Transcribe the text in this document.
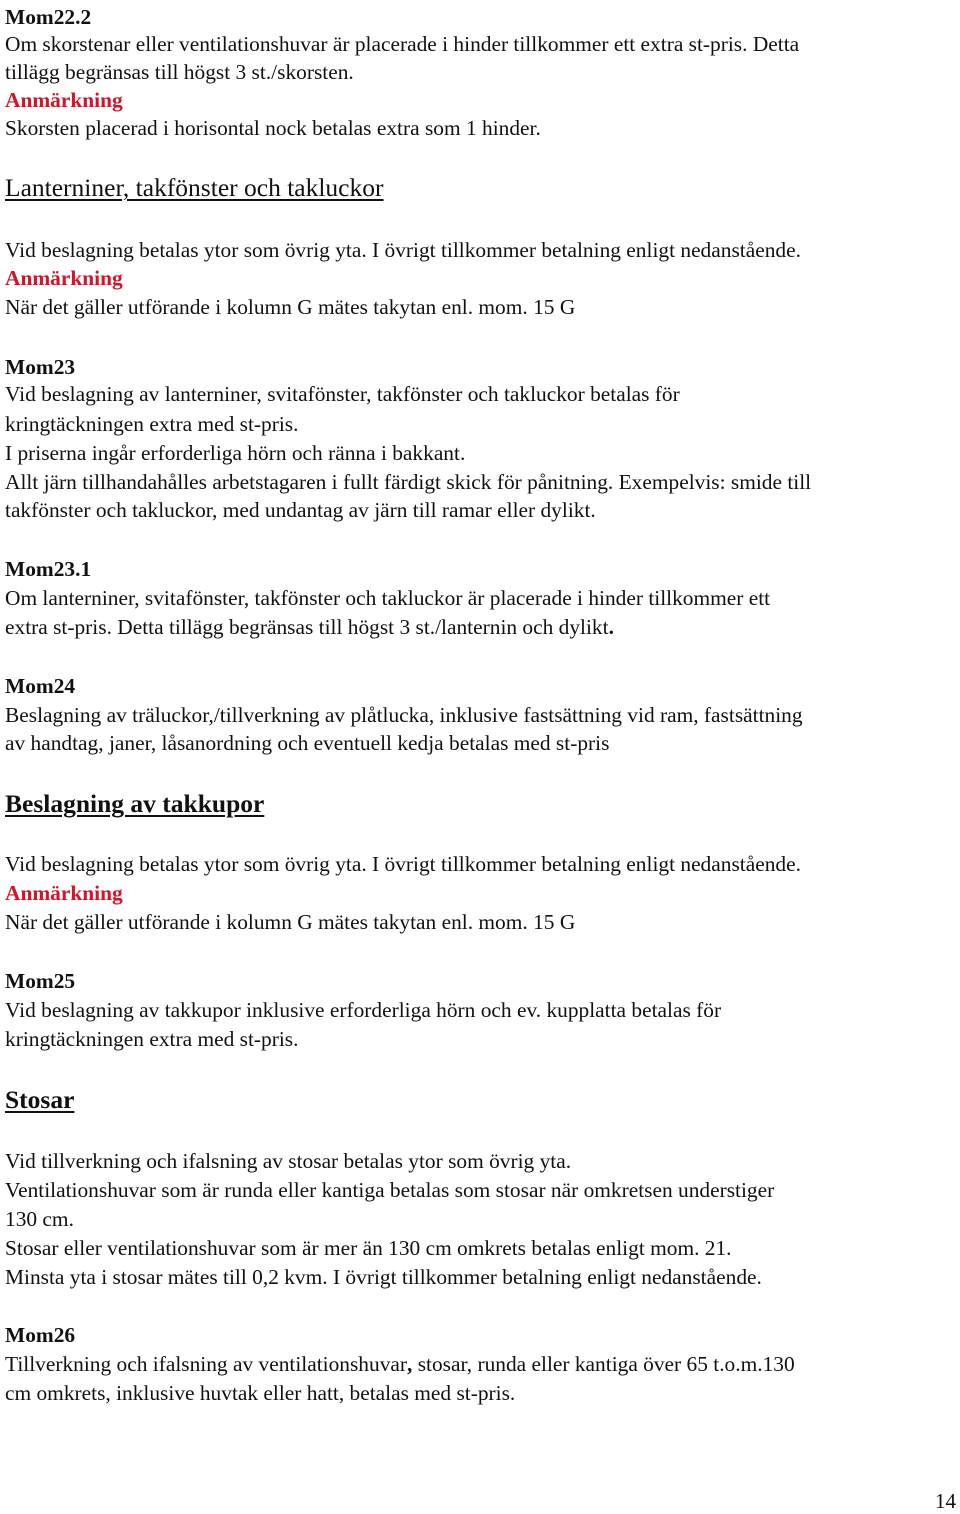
Mom22.2

Om skorstenar eller ventilationshuvar är placerade i hinder tillkommer ett extra st-pris. Detta

tillägg begränsas till högst 3 st./skorsten.

Anmärkning

Skorsten placerad i horisontal nock betalas extra som 1 hinder.

Lanterniner, takfönster och takluckor

Vid beslagning betalas ytor som övrig yta. I övrigt tillkommer betalning enligt nedanstående.

Anmärkning

När det gäller utförande i kolumn G mätes takytan enl. mom. 15 G

Mom23

Vid beslagning av lanterniner, svitafönster, takfönster och takluckor betalas för

kringtäckningen extra med st-pris.

I priserna ingår erforderliga hörn och ränna i bakkant.

Allt järn tillhandahålles arbetstagaren i fullt färdigt skick för pånitning. Exempelvis: smide till

takfönster och takluckor, med undantag av järn till ramar eller dylikt.

Mom23.1

Om lanterniner, svitafönster, takfönster och takluckor är placerade i hinder tillkommer ett

extra st-pris. Detta tillägg begränsas till högst 3 st./lanternin och dylikt.

Mom24

Beslagning av träluckor,/tillverkning av plåtlucka, inklusive fastsättning vid ram, fastsättning

av handtag, janer, låsanordning och eventuell kedja betalas med st-pris

Beslagning av takkupor

Vid beslagning betalas ytor som övrig yta. I övrigt tillkommer betalning enligt nedanstående.

Anmärkning

När det gäller utförande i kolumn G mätes takytan enl. mom. 15 G

Mom25

Vid beslagning av takkupor inklusive erforderliga hörn och ev. kupplatta betalas för

kringtäckningen extra med st-pris.

Stosar

Vid tillverkning och ifalsning av stosar betalas ytor som övrig yta.

Ventilationshuvar som är runda eller kantiga betalas som stosar när omkretsen understiger

130 cm.

Stosar eller ventilationshuvar som är mer än 130 cm omkrets betalas enligt mom. 21.

Minsta yta i stosar mätes till 0,2 kvm. I övrigt tillkommer betalning enligt nedanstående.

Mom26

Tillverkning och ifalsning av ventilationshuvar, stosar, runda eller kantiga över 65 t.o.m.130

cm omkrets, inklusive huvtak eller hatt, betalas med st-pris.

14
